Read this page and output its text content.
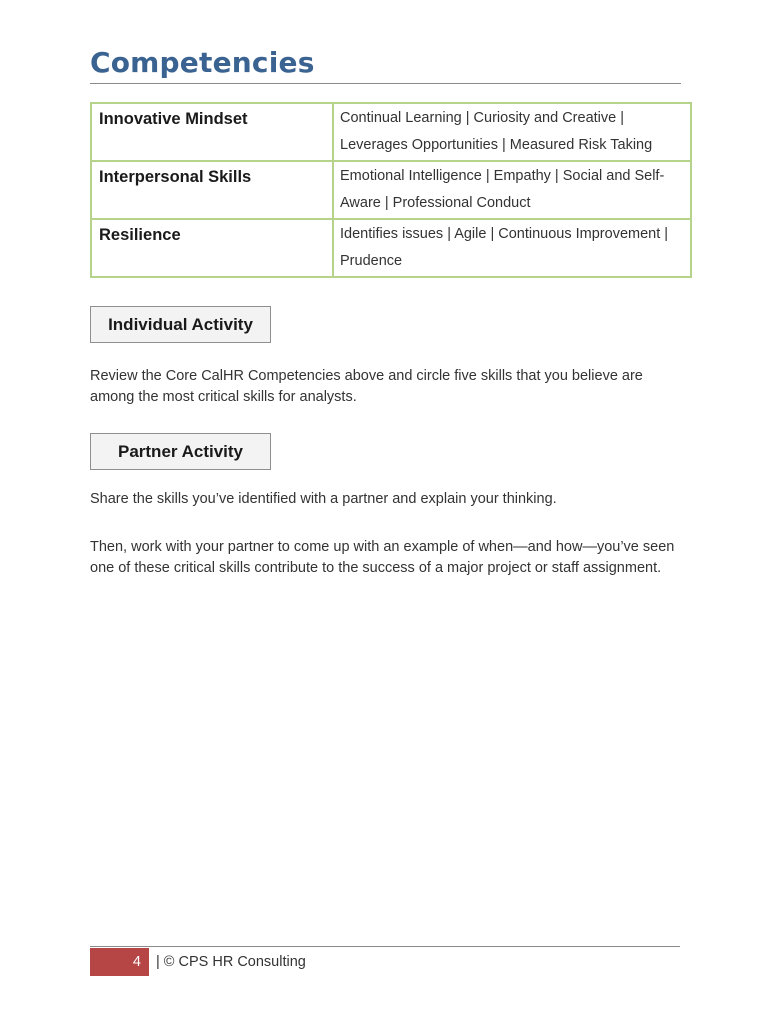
Competencies
Innovative Mindset	Continual Learning | Curiosity and Creative | Leverages Opportunities | Measured Risk Taking
Interpersonal Skills	Emotional Intelligence | Empathy | Social and Self-Aware | Professional Conduct
Resilience	Identifies issues | Agile | Continuous Improvement | Prudence
Individual Activity

Review the Core CalHR Competencies above and circle five skills that you believe are among the most critical skills for analysts.

Partner Activity

Share the skills you’ve identified with a partner and explain your thinking.

Then, work with your partner to come up with an example of when—and how—you’ve seen one of these critical skills contribute to the success of a major project or staff assignment.

4	| © CPS HR Consulting
